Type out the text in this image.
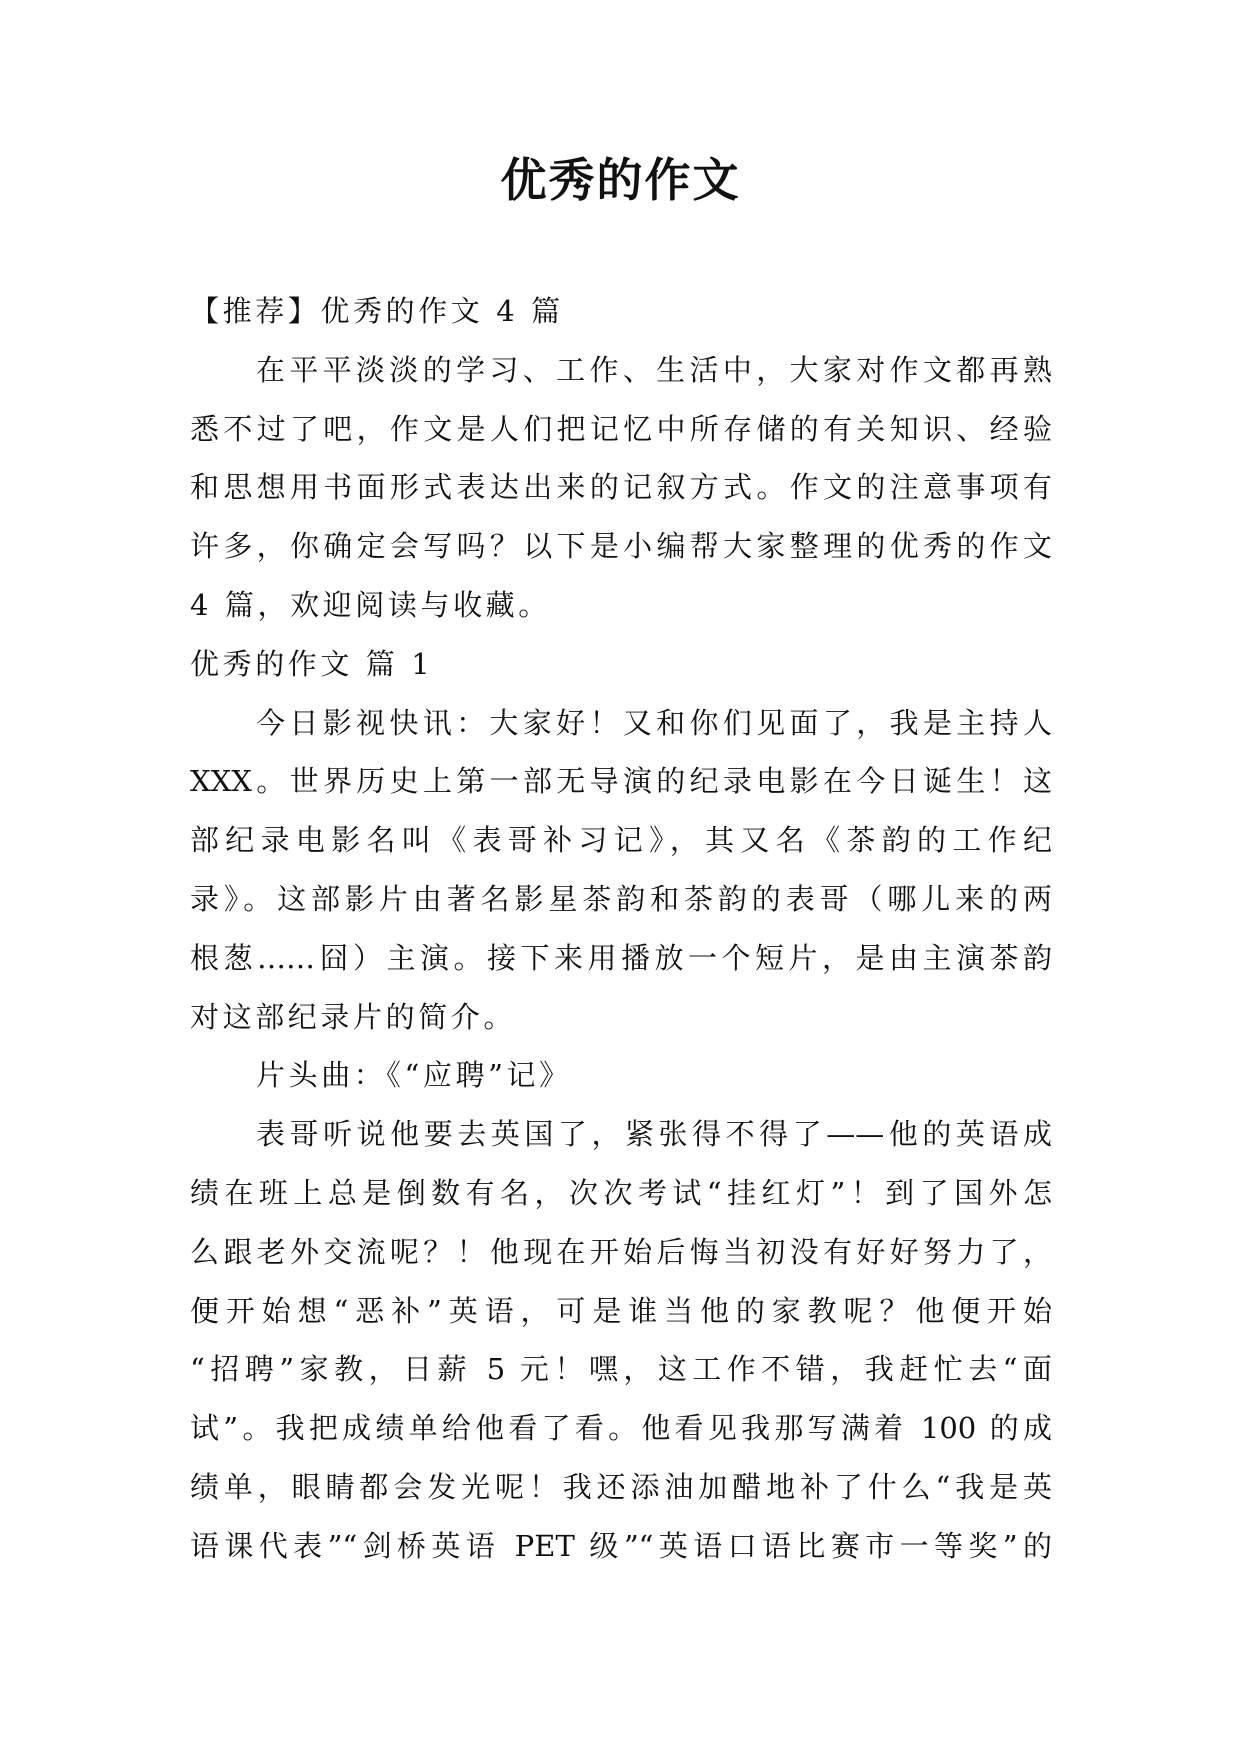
优秀的作文
【推荐】优秀的作文 4 篇
在平平淡淡的学习、工作、生活中，大家对作文都再熟
悉不过了吧，作文是人们把记忆中所存储的有关知识、经验
和思想用书面形式表达出来的记叙方式。作文的注意事项有
许多，你确定会写吗？以下是小编帮大家整理的优秀的作文
4 篇，欢迎阅读与收藏。
优秀的作文 篇 1
今日影视快讯：大家好！又和你们见面了，我是主持人
XXX。世界历史上第一部无导演的纪录电影在今日诞生！这
部纪录电影名叫《表哥补习记》，其又名《茶韵的工作纪
录》。这部影片由著名影星茶韵和茶韵的表哥（哪儿来的两
根葱……囧）主演。接下来用播放一个短片，是由主演茶韵
对这部纪录片的简介。
片头曲：《“应聘”记》
表哥听说他要去英国了，紧张得不得了——他的英语成
绩在班上总是倒数有名，次次考试“挂红灯”！到了国外怎
么跟老外交流呢？！他现在开始后悔当初没有好好努力了，
便开始想“恶补”英语，可是谁当他的家教呢？他便开始
“招聘”家教，日薪 5 元！嘿，这工作不错，我赶忙去“面
试”。我把成绩单给他看了看。他看见我那写满着 100 的成
绩单，眼睛都会发光呢！我还添油加醋地补了什么“我是英
语课代表”“剑桥英语 PET 级”“英语口语比赛市一等奖”的
